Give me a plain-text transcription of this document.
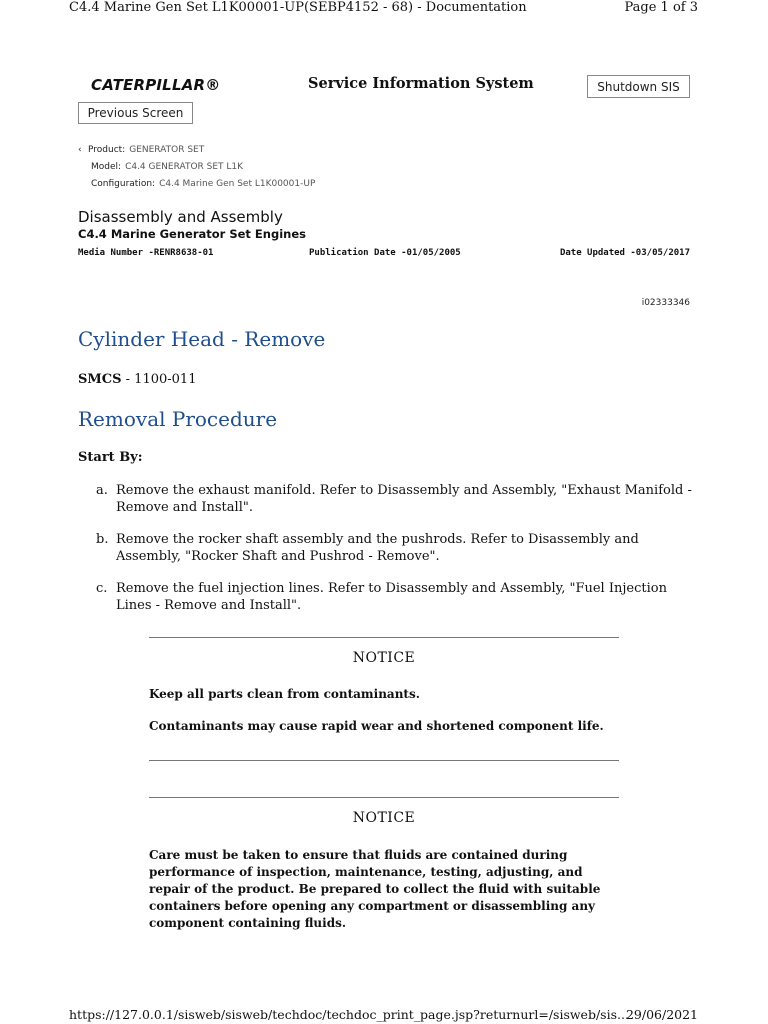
C4.4 Marine Gen Set L1K00001-UP(SEBP4152 - 68) - Documentation	Page 1 of 3
CATERPILLAR®	Service Information System	Shutdown SIS
Previous Screen
‹ Product: GENERATOR SET
Model: C4.4 GENERATOR SET L1K
Configuration: C4.4 Marine Gen Set L1K00001-UP
Disassembly and Assembly
C4.4 Marine Generator Set Engines
Media Number -RENR8638-01	Publication Date -01/05/2005	Date Updated -03/05/2017
i02333346
Cylinder Head - Remove
SMCS - 1100-011
Removal Procedure
Start By:
a. Remove the exhaust manifold. Refer to Disassembly and Assembly, "Exhaust Manifold - Remove and Install".
b. Remove the rocker shaft assembly and the pushrods. Refer to Disassembly and Assembly, "Rocker Shaft and Pushrod - Remove".
c. Remove the fuel injection lines. Refer to Disassembly and Assembly, "Fuel Injection Lines - Remove and Install".
NOTICE
Keep all parts clean from contaminants.
Contaminants may cause rapid wear and shortened component life.
NOTICE
Care must be taken to ensure that fluids are contained during performance of inspection, maintenance, testing, adjusting, and repair of the product. Be prepared to collect the fluid with suitable containers before opening any compartment or disassembling any component containing fluids.
https://127.0.0.1/sisweb/sisweb/techdoc/techdoc_print_page.jsp?returnurl=/sisweb/sis...
29/06/2021
